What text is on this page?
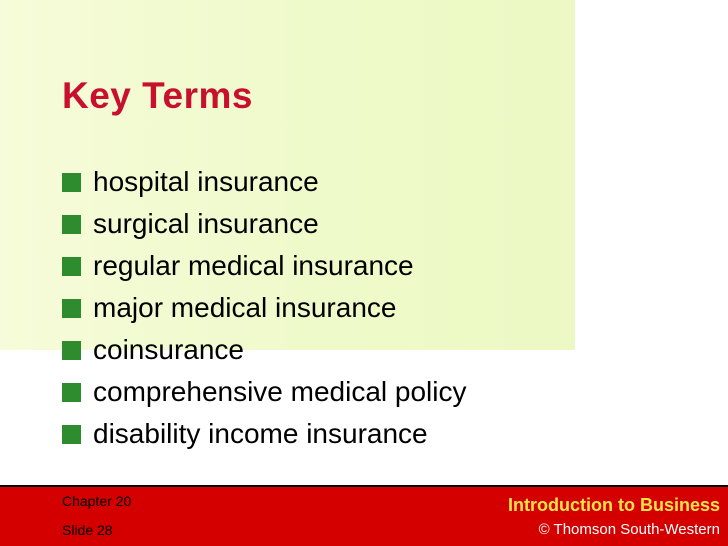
Key Terms
hospital insurance
surgical insurance
regular medical insurance
major medical insurance
coinsurance
comprehensive medical policy
disability income insurance
Chapter 20
Slide 28
Introduction to Business
© Thomson South-Western
